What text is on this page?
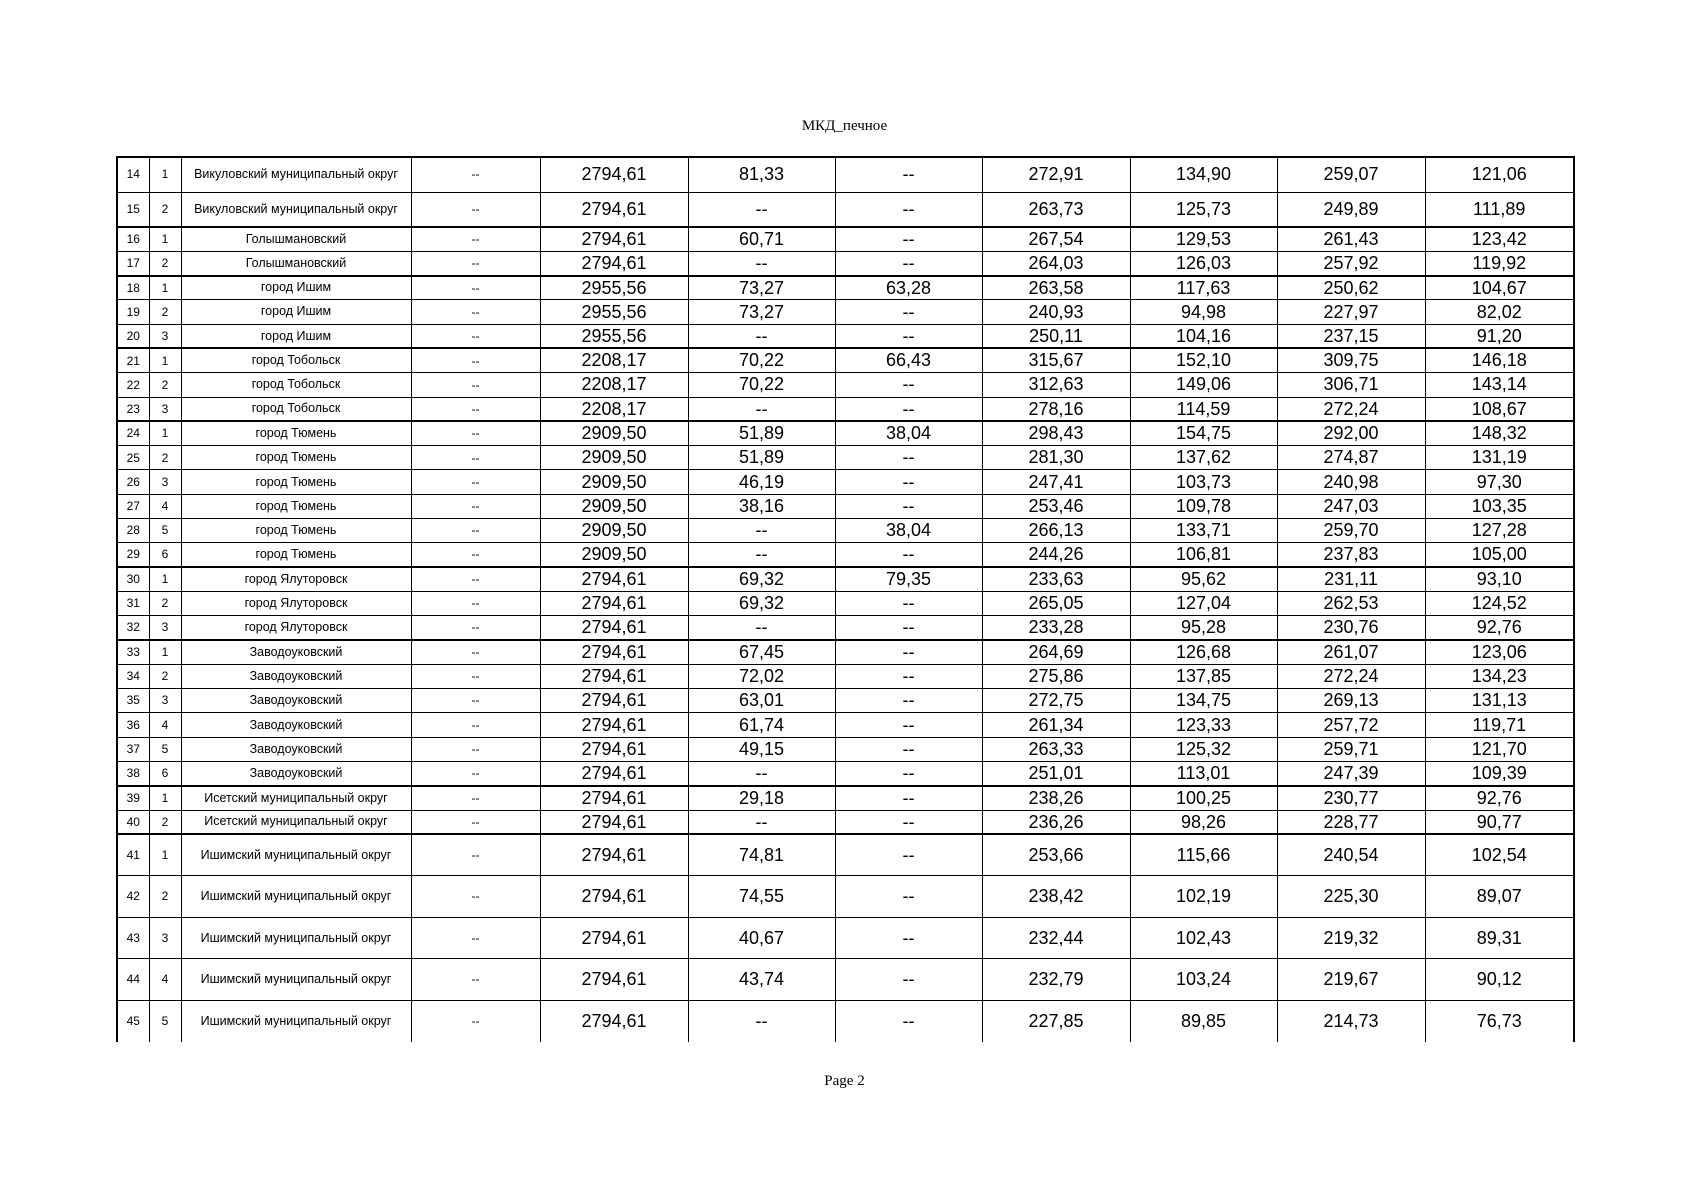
МКД_печное
14	1	Викуловский муниципальный округ	--	2794,61	81,33	--	272,91	134,90	259,07	121,06
15	2	Викуловский муниципальный округ	--	2794,61	--	--	263,73	125,73	249,89	111,89
16	1	Голышмановский	--	2794,61	60,71	--	267,54	129,53	261,43	123,42
17	2	Голышмановский	--	2794,61	--	--	264,03	126,03	257,92	119,92
18	1	город Ишим	--	2955,56	73,27	63,28	263,58	117,63	250,62	104,67
19	2	город Ишим	--	2955,56	73,27	--	240,93	94,98	227,97	82,02
20	3	город Ишим	--	2955,56	--	--	250,11	104,16	237,15	91,20
21	1	город Тобольск	--	2208,17	70,22	66,43	315,67	152,10	309,75	146,18
22	2	город Тобольск	--	2208,17	70,22	--	312,63	149,06	306,71	143,14
23	3	город Тобольск	--	2208,17	--	--	278,16	114,59	272,24	108,67
24	1	город Тюмень	--	2909,50	51,89	38,04	298,43	154,75	292,00	148,32
25	2	город Тюмень	--	2909,50	51,89	--	281,30	137,62	274,87	131,19
26	3	город Тюмень	--	2909,50	46,19	--	247,41	103,73	240,98	97,30
27	4	город Тюмень	--	2909,50	38,16	--	253,46	109,78	247,03	103,35
28	5	город Тюмень	--	2909,50	--	38,04	266,13	133,71	259,70	127,28
29	6	город Тюмень	--	2909,50	--	--	244,26	106,81	237,83	105,00
30	1	город Ялуторовск	--	2794,61	69,32	79,35	233,63	95,62	231,11	93,10
31	2	город Ялуторовск	--	2794,61	69,32	--	265,05	127,04	262,53	124,52
32	3	город Ялуторовск	--	2794,61	--	--	233,28	95,28	230,76	92,76
33	1	Заводоуковский	--	2794,61	67,45	--	264,69	126,68	261,07	123,06
34	2	Заводоуковский	--	2794,61	72,02	--	275,86	137,85	272,24	134,23
35	3	Заводоуковский	--	2794,61	63,01	--	272,75	134,75	269,13	131,13
36	4	Заводоуковский	--	2794,61	61,74	--	261,34	123,33	257,72	119,71
37	5	Заводоуковский	--	2794,61	49,15	--	263,33	125,32	259,71	121,70
38	6	Заводоуковский	--	2794,61	--	--	251,01	113,01	247,39	109,39
39	1	Исетский муниципальный округ	--	2794,61	29,18	--	238,26	100,25	230,77	92,76
40	2	Исетский муниципальный округ	--	2794,61	--	--	236,26	98,26	228,77	90,77
41	1	Ишимский муниципальный округ	--	2794,61	74,81	--	253,66	115,66	240,54	102,54
42	2	Ишимский муниципальный округ	--	2794,61	74,55	--	238,42	102,19	225,30	89,07
43	3	Ишимский муниципальный округ	--	2794,61	40,67	--	232,44	102,43	219,32	89,31
44	4	Ишимский муниципальный округ	--	2794,61	43,74	--	232,79	103,24	219,67	90,12
45	5	Ишимский муниципальный округ	--	2794,61	--	--	227,85	89,85	214,73	76,73
Page 2
